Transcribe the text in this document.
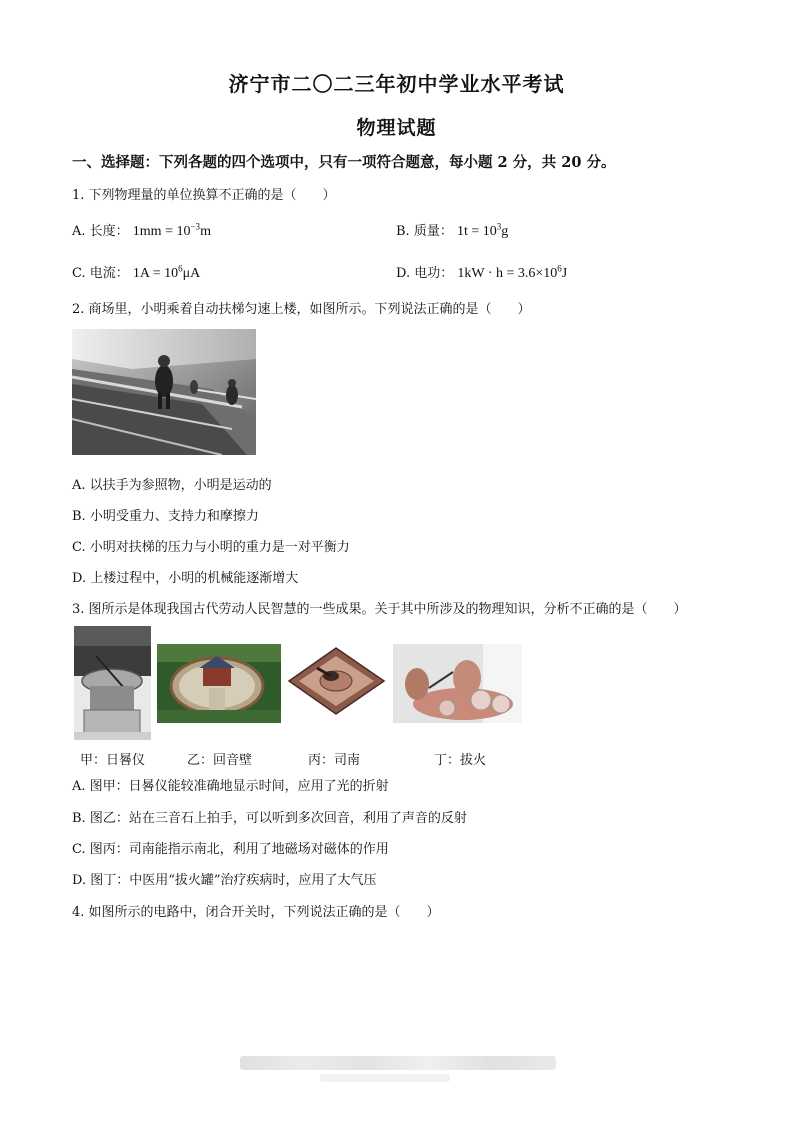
济宁市二〇二三年初中学业水平考试
物理试题
一、选择题：下列各题的四个选项中，只有一项符合题意，每小题 2 分，共 20 分。
1. 下列物理量的单位换算不正确的是（　　）
A. 长度： $1mm = 10^{-3}m$	B. 质量： $1t = 10^3g$
C. 电流： $1A = 10^6\mu A$	D. 电功： $1kW \cdot h = 3.6\times 10^6J$
2. 商场里，小明乘着自动扶梯匀速上楼，如图所示。下列说法正确的是（　　）
A. 以扶手为参照物，小明是运动的
B. 小明受重力、支持力和摩擦力
C. 小明对扶梯的压力与小明的重力是一对平衡力
D. 上楼过程中，小明的机械能逐渐增大
3. 图所示是体现我国古代劳动人民智慧的一些成果。关于其中所涉及的物理知识，分析不正确的是（　　）
甲：日晷仪	乙：回音壁	丙：司南	丁：拔火
A. 图甲：日晷仪能较准确地显示时间，应用了光的折射
B. 图乙：站在三音石上拍手，可以听到多次回音，利用了声音的反射
C. 图丙：司南能指示南北，利用了地磁场对磁体的作用
D. 图丁：中医用“拔火罐”治疗疾病时，应用了大气压
4. 如图所示的电路中，闭合开关时，下列说法正确的是（　　）
